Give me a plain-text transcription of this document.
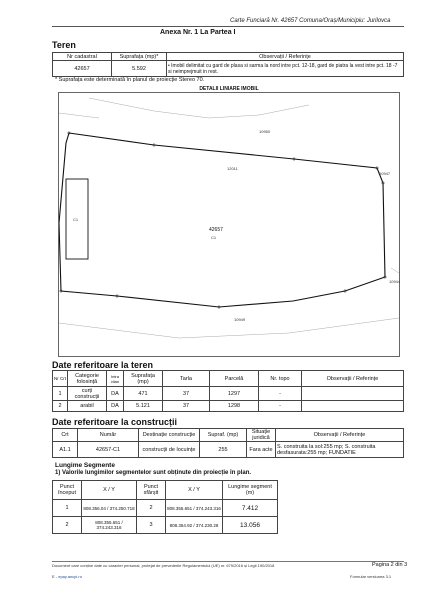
Carte Funciară Nr. 42657 Comuna/Oraș/Municipiu: Jurilovca
Anexa Nr. 1 La Partea I
Teren
Nr cadastral	Suprafața (mp)*	Observații / Referințe
42657	5.592	• Imobil delimitat cu gard de plasa si sarma la nord intre pct. 12-18, gard de piatra la vest intre pct. 18 -7 si neimprejmuit in rest.
* Suprafața este determinată în planul de proiecție Stereo 70.
DETALII LINIARE IMOBIL
10950
12011
10947
10944
10949
C1
42657
C1
Date referitoare la teren
Nr Crt	Categorie folosință	Intra vilan	Suprafața (mp)	Tarla	Parcelă	Nr. topo	Observații / Referințe
1	curți construcții	DA	471	37	1297	-	
2	arabil	DA	5.121	37	1298	-	
Date referitoare la construcții
Crt	Număr	Destinație construcție	Supraf. (mp)	Situație juridică	Observații / Referințe
A1.1	42657-C1	construcții de locuințe	255	Fara acte	S. construita la sol:255 mp; S. construita desfasurata:255 mp; FUNDATIE
Lungime Segmente
1) Valorile lungimilor segmentelor sunt obținute din proiecție în plan.
Punct început	X / Y	Punct sfârșit	X / Y	Lungime segment (m)
1	808.356.04 / 374.250.718	2	808.355.651 / 374.243.316	7.412
2	808.355.651 / 374.243.316	3	808.354.92 / 374.230.28	13.056
Document care conține date cu caracter personal, protejat de prevederile Regulamentului (UE) nr. 679/2016 și Legii 190/2018	Pagina 2 din 3
E - epay.ancpi.ro	Formular versiunea 3.1
